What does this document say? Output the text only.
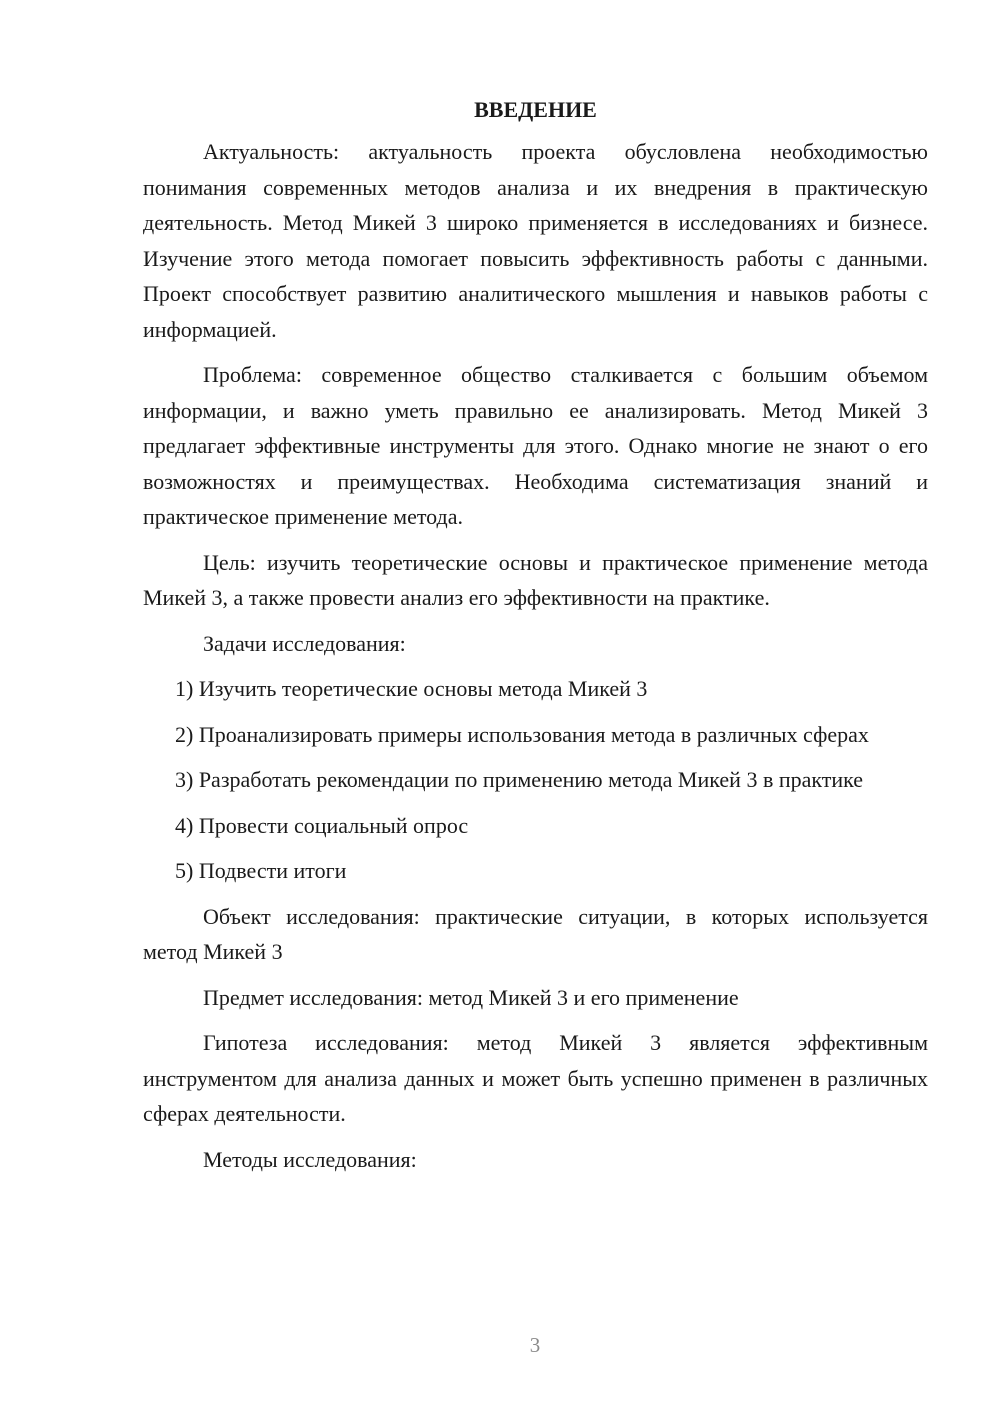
ВВЕДЕНИЕ

Актуальность: актуальность проекта обусловлена необходимостью понимания современных методов анализа и их внедрения в практическую деятельность. Метод Микей 3 широко применяется в исследованиях и бизнесе. Изучение этого метода помогает повысить эффективность работы с данными. Проект способствует развитию аналитического мышления и навыков работы с информацией.

Проблема: современное общество сталкивается с большим объемом информации, и важно уметь правильно ее анализировать. Метод Микей 3 предлагает эффективные инструменты для этого. Однако многие не знают о его возможностях и преимуществах. Необходима систематизация знаний и практическое применение метода.

Цель: изучить теоретические основы и практическое применение метода Микей 3, а также провести анализ его эффективности на практике.

Задачи исследования:

1) Изучить теоретические основы метода Микей 3

2) Проанализировать примеры использования метода в различных сферах

3) Разработать рекомендации по применению метода Микей 3 в практике

4) Провести социальный опрос

5) Подвести итоги

Объект исследования: практические ситуации, в которых используется метод Микей 3

Предмет исследования: метод Микей 3 и его применение

Гипотеза исследования: метод Микей 3 является эффективным инструментом для анализа данных и может быть успешно применен в различных сферах деятельности.

Методы исследования:

3
